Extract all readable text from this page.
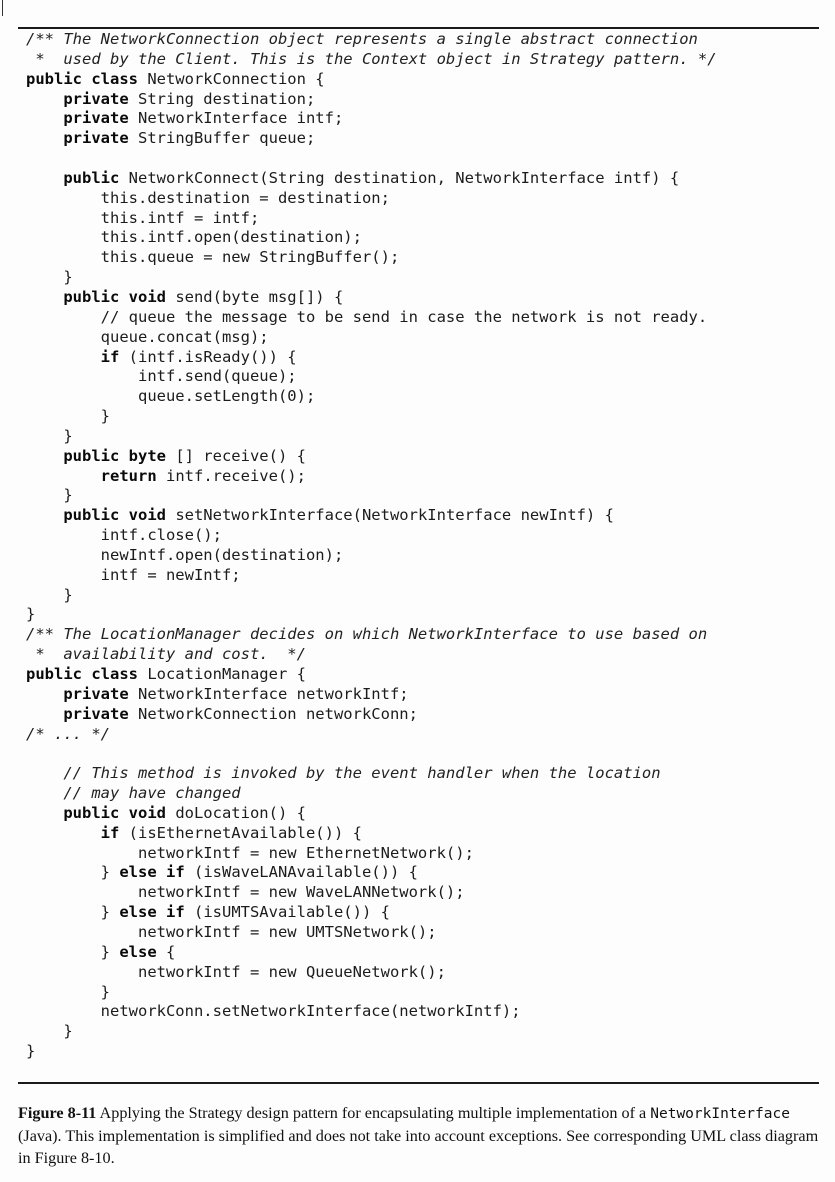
/** The NetworkConnection object represents a single abstract connection
*  used by the Client. This is the Context object in Strategy pattern. */
public class NetworkConnection {
private String destination;
private NetworkInterface intf;
private StringBuffer queue;
public NetworkConnect(String destination, NetworkInterface intf) {
this.destination = destination;
this.intf = intf;
this.intf.open(destination);
this.queue = new StringBuffer();
}
public void send(byte msg[]) {
// queue the message to be send in case the network is not ready.
queue.concat(msg);
if (intf.isReady()) {
intf.send(queue);
queue.setLength(0);
}
}
public byte [] receive() {
return intf.receive();
}
public void setNetworkInterface(NetworkInterface newIntf) {
intf.close();
newIntf.open(destination);
intf = newIntf;
}
}
/** The LocationManager decides on which NetworkInterface to use based on
*  availability and cost.  */
public class LocationManager {
private NetworkInterface networkIntf;
private NetworkConnection networkConn;
/* ... */
// This method is invoked by the event handler when the location
// may have changed
public void doLocation() {
if (isEthernetAvailable()) {
networkIntf = new EthernetNetwork();
} else if (isWaveLANAvailable()) {
networkIntf = new WaveLANNetwork();
} else if (isUMTSAvailable()) {
networkIntf = new UMTSNetwork();
} else {
networkIntf = new QueueNetwork();
}
networkConn.setNetworkInterface(networkIntf);
}
}
Figure 8-11 Applying the Strategy design pattern for encapsulating multiple implementation of a NetworkInterface (Java). This implementation is simplified and does not take into account exceptions. See corresponding UML class diagram in Figure 8-10.
